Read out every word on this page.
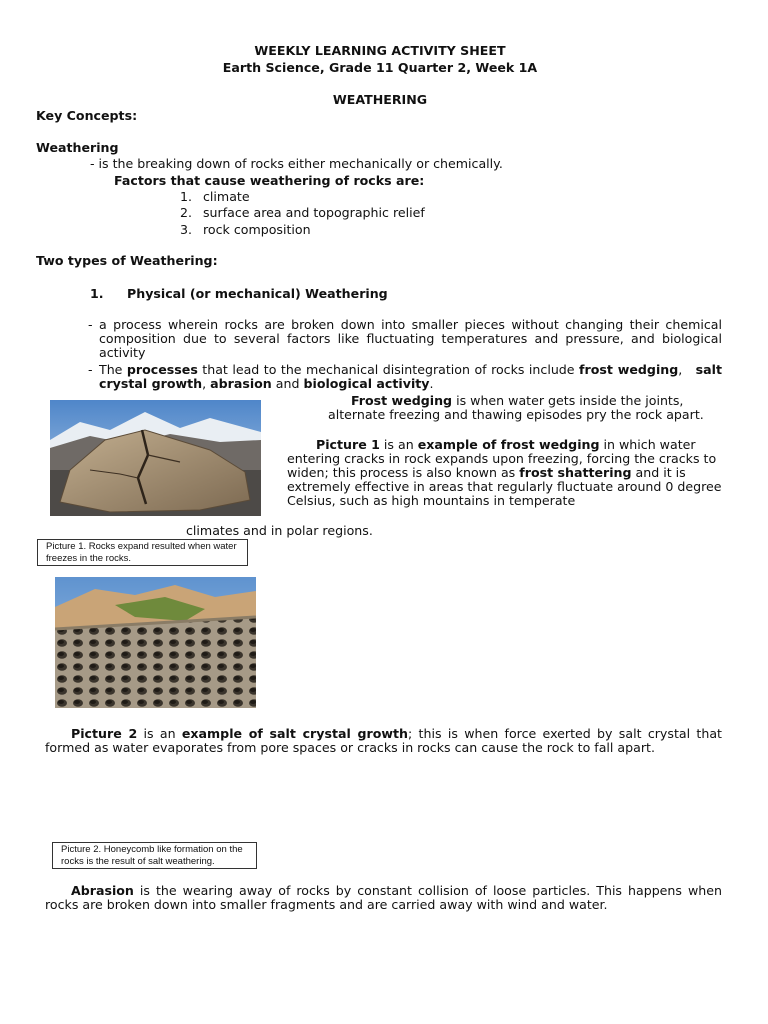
WEEKLY LEARNING ACTIVITY SHEET
Earth Science, Grade 11 Quarter 2, Week 1A
WEATHERING
Key Concepts:
Weathering
- is the breaking down of rocks either mechanically or chemically.
Factors that cause weathering of rocks are:
1. climate
2. surface area and topographic relief
3. rock composition
Two types of Weathering:
1. Physical (or mechanical) Weathering
- a process wherein rocks are broken down into smaller pieces without changing their chemical composition due to several factors like fluctuating temperatures and pressure, and biological activity
- The processes that lead to the mechanical disintegration of rocks include frost wedging,   salt crystal growth, abrasion and biological activity.
Picture 1. Rocks expand resulted when water freezes in the rocks.
Frost wedging is when water gets inside the joints, alternate freezing and thawing episodes pry the rock apart.
Picture 1 is an example of frost wedging in which water entering cracks in rock expands upon freezing, forcing the cracks to widen; this process is also known as frost shattering and it is extremely effective in areas that regularly fluctuate around 0 degree Celsius, such as high mountains in temperate
climates and in polar regions.
Picture 2 is an example of salt crystal growth; this is when force exerted by salt crystal that formed as water evaporates from pore spaces or cracks in rocks can cause the rock to fall apart.
Picture 2. Honeycomb like formation on the rocks is the result of salt weathering.
Abrasion is the wearing away of rocks by constant collision of loose particles. This happens when rocks are broken down into smaller fragments and are carried away with wind and water.
